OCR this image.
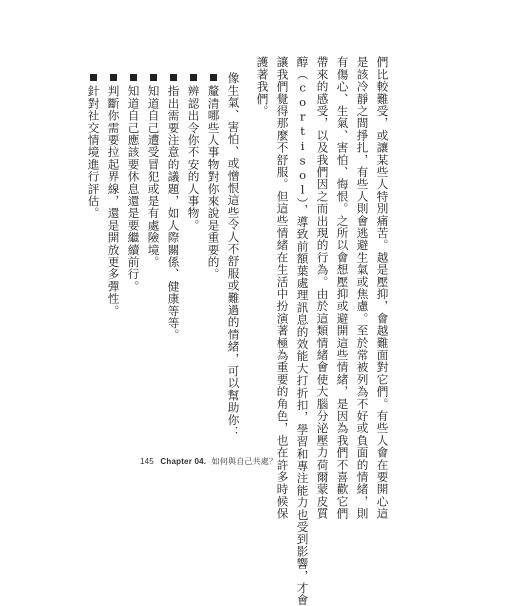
們比較難受，或讓某些人特別痛苦。越是壓抑，會越難面對它們。有些人會在要開心這
是該冷靜之間掙扎，有些人則會逃避生氣或焦慮。至於常被列為不好或負面的情緒，則
有傷心、生氣、害怕、悔恨。之所以會想壓抑或避開這些情緒，是因為我們不喜歡它們
帶來的感受，以及我們因之而出現的行為。由於這類情緒會使大腦分泌壓力荷爾蒙皮質
醇（cortisol），導致前額葉處理訊息的效能大打折扣，學習和專注能力也受到影響，才會
讓我們覺得那麼不舒服。但這些情緒在生活中扮演著極為重要的角色，也在許多時候保
護著我們。
像生氣、害怕、或憎恨這些令人不舒服或難過的情緒，可以幫助你：
釐清哪些人事物對你來說是重要的。
辨認出令你不安的人事物。
指出需要注意的議題，如人際關係、健康等等。
知道自己遭受冒犯或是有處險境。
知道自己應該要休息還是要繼續前行。
判斷你需要拉起界線，還是開放更多彈性。
針對社交情境進行評估。
145 Chapter 04. 如何與自己共處？
